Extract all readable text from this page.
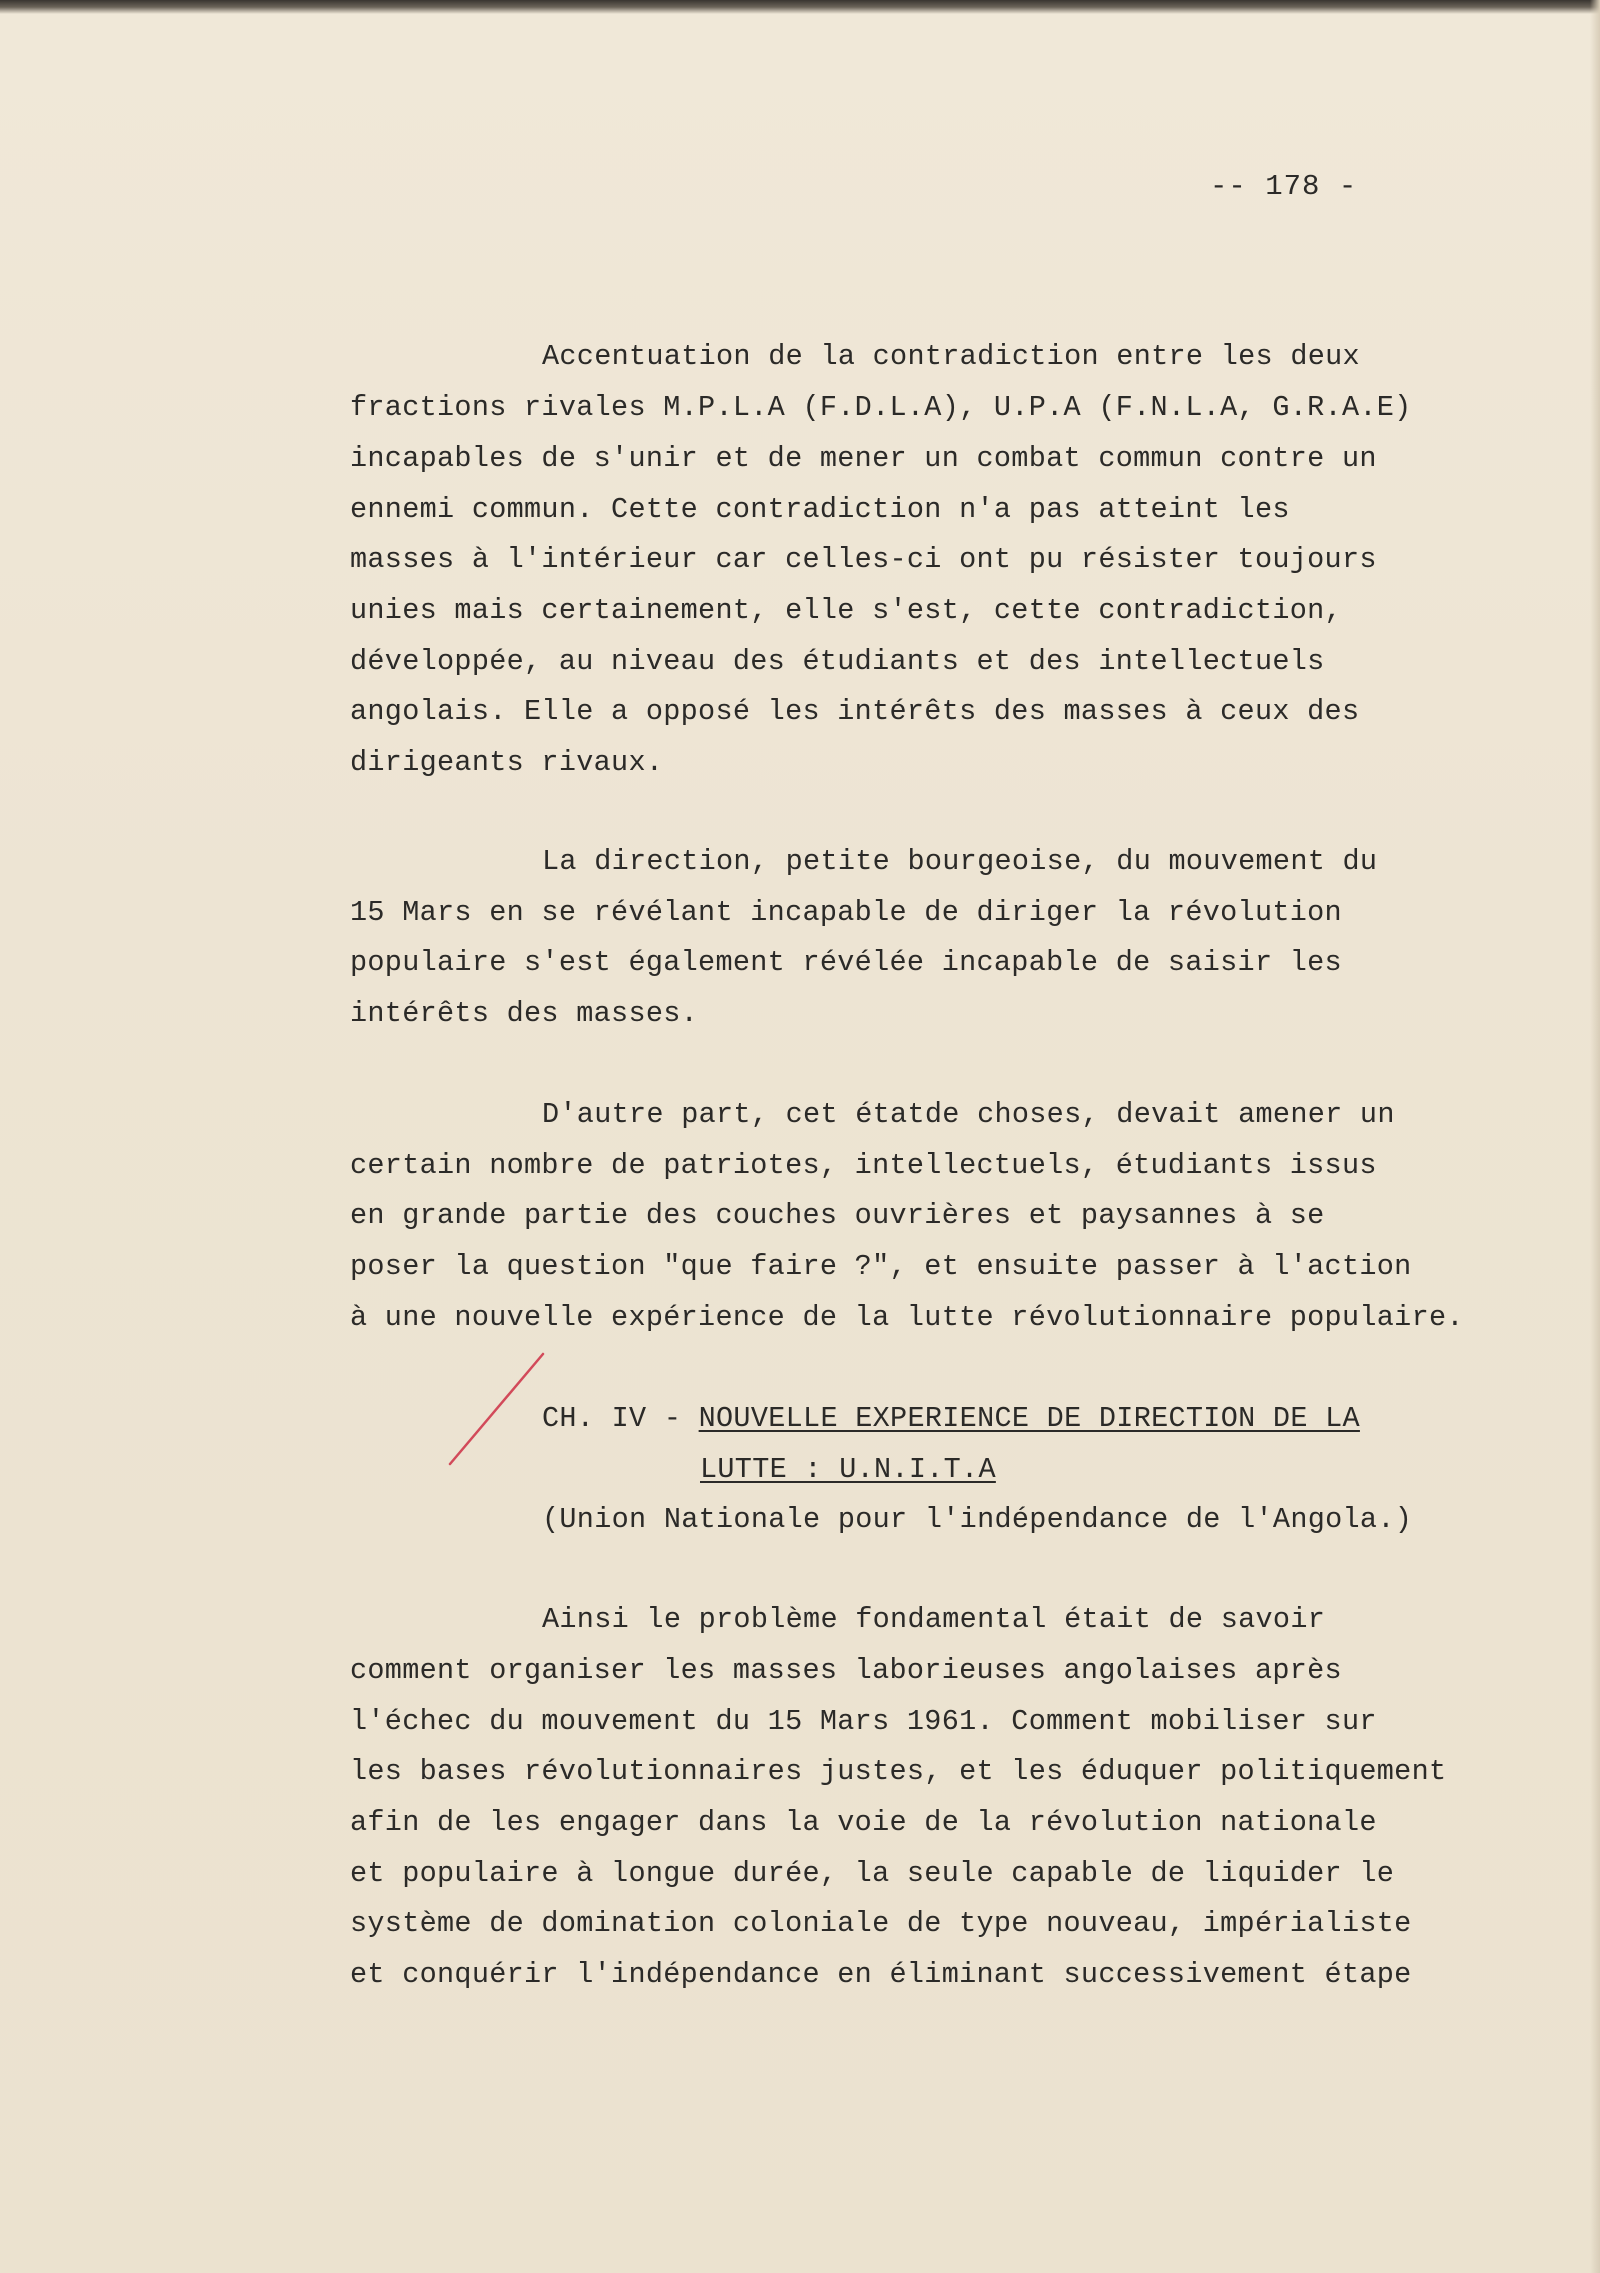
-- 178 -
Accentuation de la contradiction entre les deux
fractions rivales M.P.L.A (F.D.L.A), U.P.A (F.N.L.A, G.R.A.E)
incapables de s'unir et de mener un combat commun contre un
ennemi commun. Cette contradiction n'a pas atteint les
masses à l'intérieur car celles-ci ont pu résister toujours
unies mais certainement, elle s'est, cette contradiction,
développée, au niveau des étudiants et des intellectuels
angolais. Elle a opposé les intérêts des masses à ceux des
dirigeants rivaux.
La direction, petite bourgeoise, du mouvement du
15 Mars en se révélant incapable de diriger la révolution
populaire s'est également révélée incapable de saisir les
intérêts des masses.
D'autre part, cet étatde choses, devait amener un
certain nombre de patriotes, intellectuels, étudiants issus
en grande partie des couches ouvrières et paysannes à se
poser la question "que faire ?", et ensuite passer à l'action
à une nouvelle expérience de la lutte révolutionnaire populaire.
CH. IV - NOUVELLE EXPERIENCE DE DIRECTION DE LA
LUTTE : U.N.I.T.A
(Union Nationale pour l'indépendance de l'Angola.)
Ainsi le problème fondamental était de savoir
comment organiser les masses laborieuses angolaises après
l'échec du mouvement du 15 Mars 1961. Comment mobiliser sur
les bases révolutionnaires justes, et les éduquer politiquement
afin de les engager dans la voie de la révolution nationale
et populaire à longue durée, la seule capable de liquider le
système de domination coloniale de type nouveau, impérialiste
et conquérir l'indépendance en éliminant successivement étape
